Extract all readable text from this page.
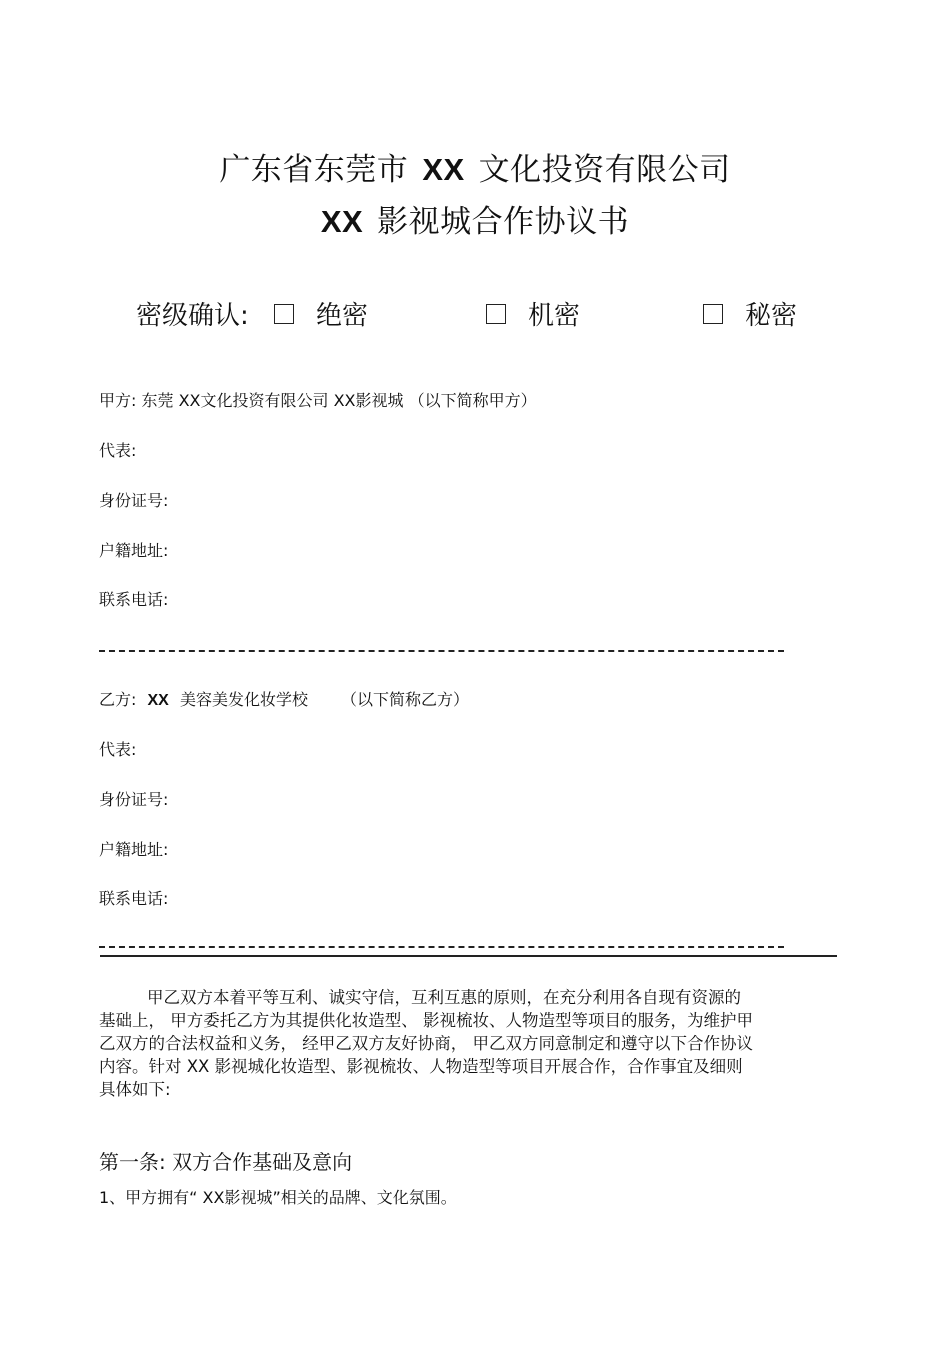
广东省东莞市 XX 文化投资有限公司
XX 影视城合作协议书
密级确认:	绝密	机密	秘密
甲方: 东莞 XX文化投资有限公司 XX影视城 （以下简称甲方）
代表:
身份证号:
户籍地址:
联系电话:
乙方: XX 美容美发化妆学校 （以下简称乙方）
代表:
身份证号:
户籍地址:
联系电话:
甲乙双方本着平等互利、诚实守信，互利互惠的原则，在充分利用各自现有资源的
基础上， 甲方委托乙方为其提供化妆造型、 影视梳妆、人物造型等项目的服务，为维护甲
乙双方的合法权益和义务， 经甲乙双方友好协商， 甲乙双方同意制定和遵守以下合作协议
内容。针对 XX 影视城化妆造型、影视梳妆、人物造型等项目开展合作，合作事宜及细则
具体如下:
第一条: 双方合作基础及意向
1、甲方拥有“ XX影视城”相关的品牌、文化氛围。
